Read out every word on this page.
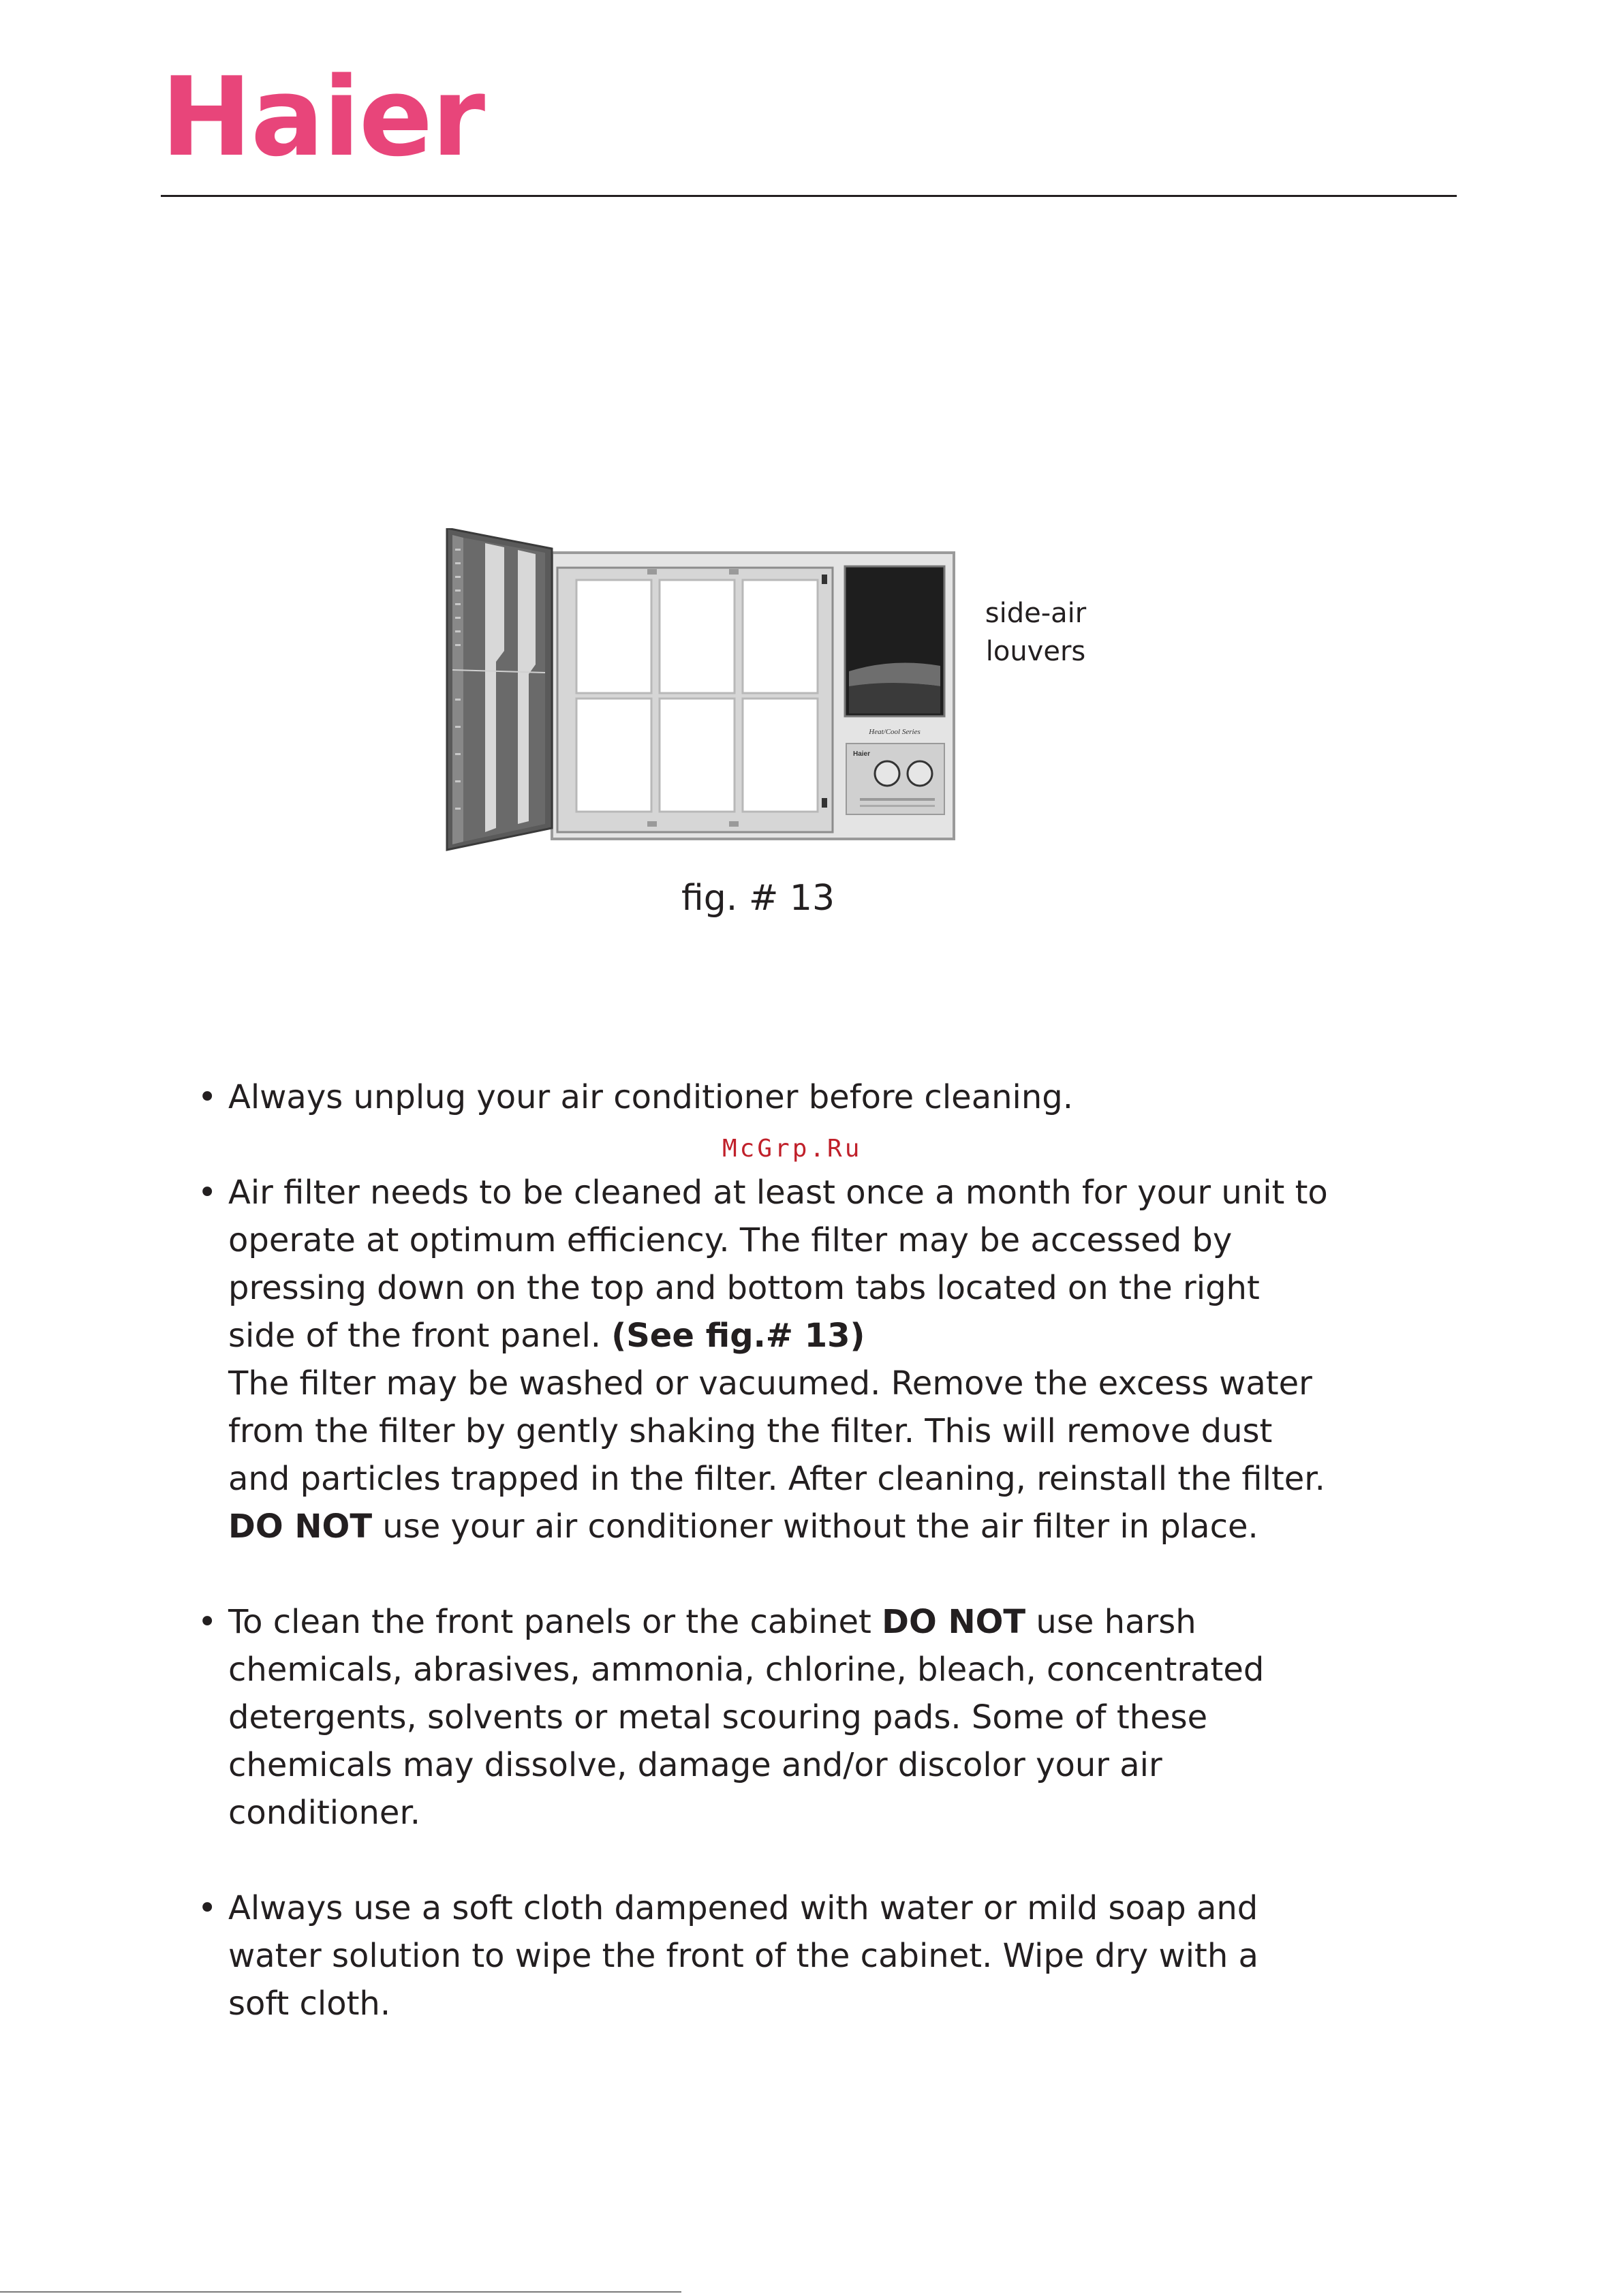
Haier
Heat/Cool Series
Haier
side-air
louvers
fig. # 13
McGrp.Ru
• Always unplug your air conditioner before cleaning.
• Air filter needs to be cleaned at least once a month for your unit to operate at optimum efficiency. The filter may be accessed by pressing down on the top and bottom tabs located on the right side of the front panel. (See fig.# 13)
The filter may be washed or vacuumed. Remove the excess water from the filter by gently shaking the filter. This will remove dust and particles trapped in the filter. After cleaning, reinstall the filter.
DO NOT use your air conditioner without the air filter in place.
• To clean the front panels or the cabinet DO NOT use harsh chemicals, abrasives, ammonia, chlorine, bleach, concentrated detergents, solvents or metal scouring pads. Some of these chemicals may dissolve, damage and/or discolor your air conditioner.
• Always use a soft cloth dampened with water or mild soap and water solution to wipe the front of the cabinet. Wipe dry with a soft cloth.
